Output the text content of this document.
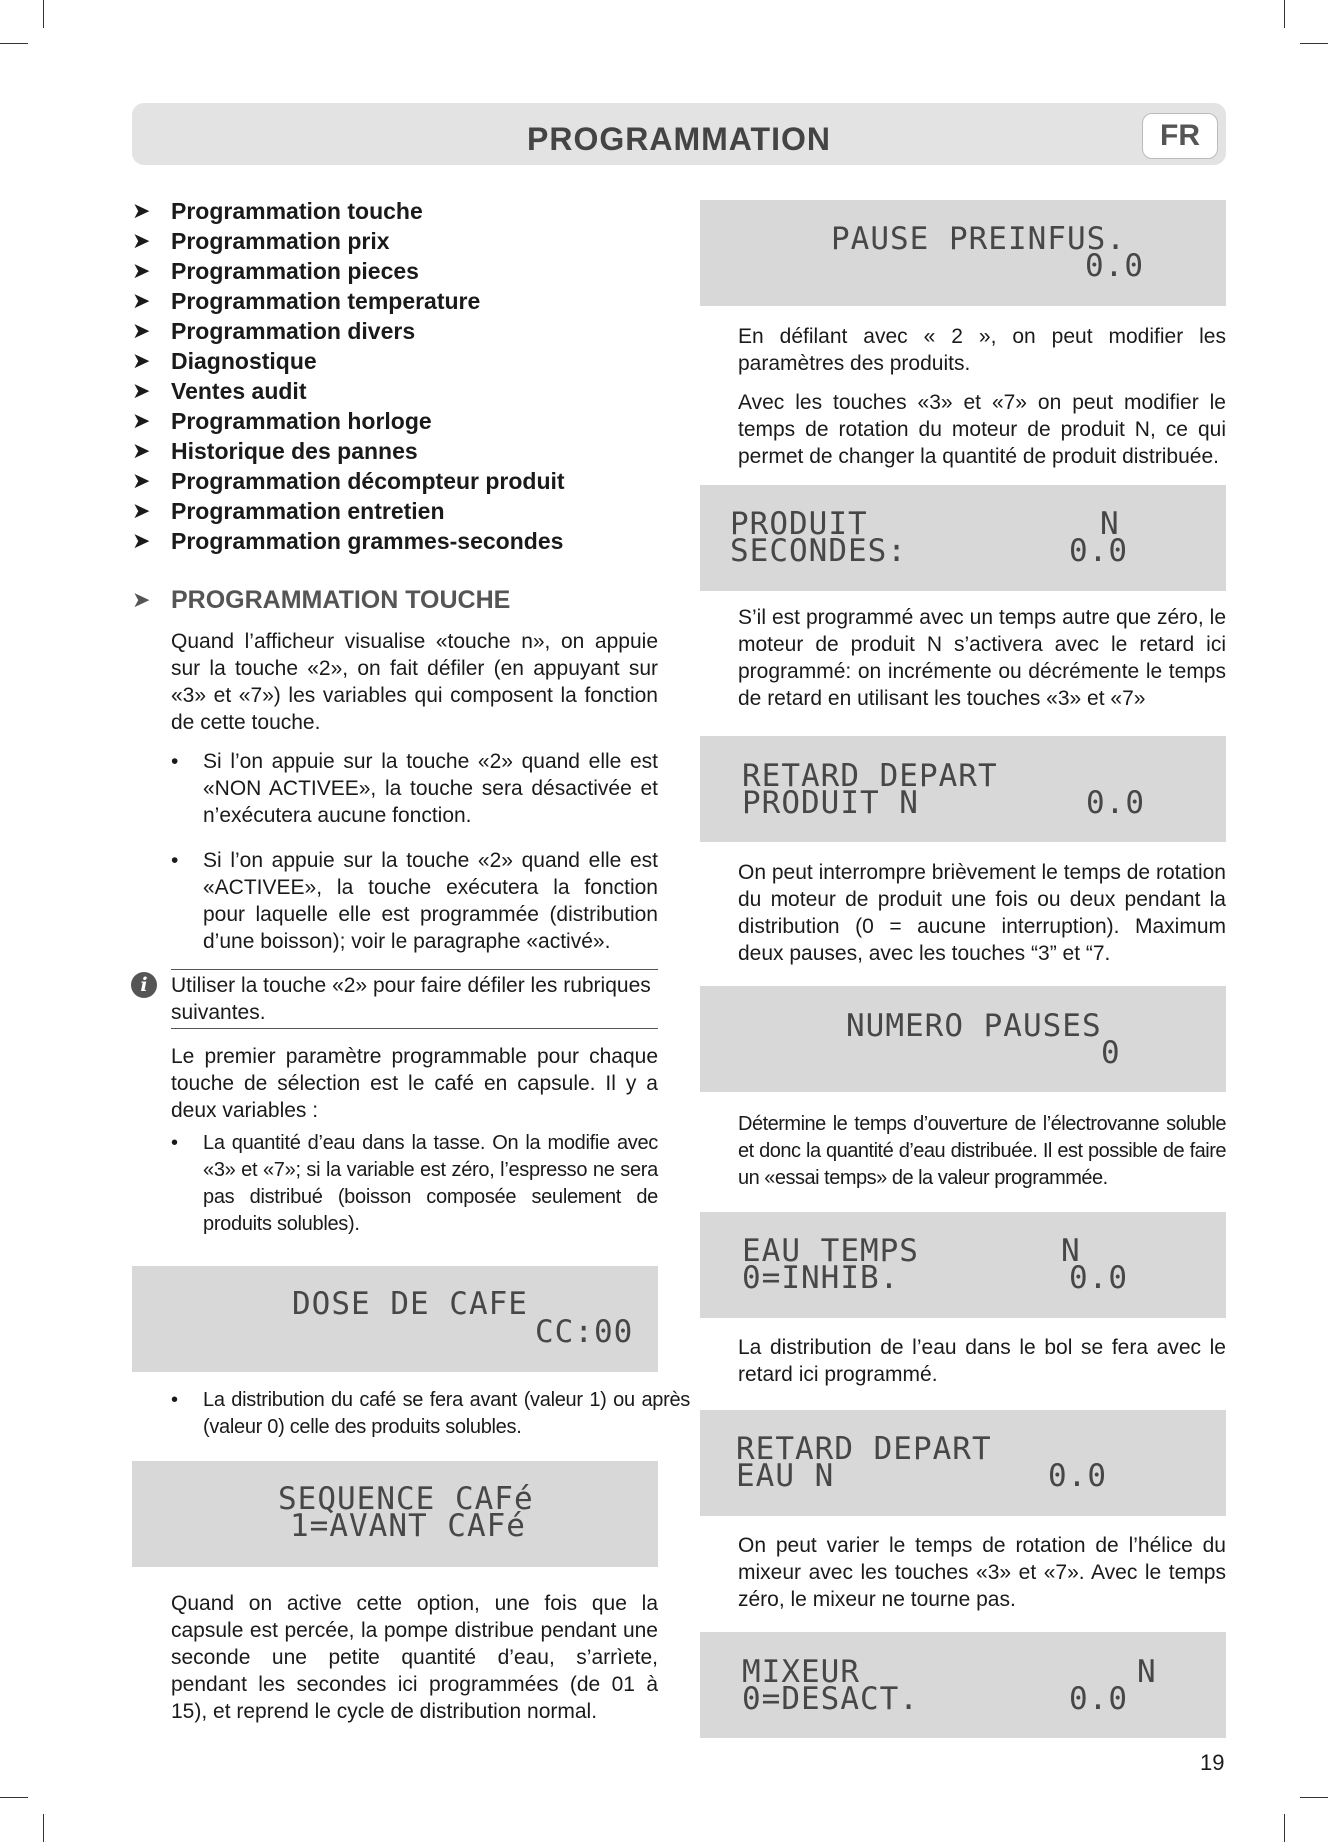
PROGRAMMATION	FR
➤ Programmation touche
➤ Programmation prix
➤ Programmation pieces
➤ Programmation temperature
➤ Programmation divers
➤ Diagnostique
➤ Ventes audit
➤ Programmation horloge
➤ Historique des pannes
➤ Programmation décompteur produit
➤ Programmation entretien
➤ Programmation grammes-secondes
➤ PROGRAMMATION TOUCHE

Quand l’afficheur visualise «touche n», on appuie sur la touche «2», on fait défiler (en appuyant sur «3» et «7») les variables qui composent la fonction de cette touche.

• Si l’on appuie sur la touche «2» quand elle est «NON ACTIVEE», la touche sera désactivée et n’exécutera aucune fonction.
• Si l’on appuie sur la touche «2» quand elle est «ACTIVEE», la touche exécutera la fonction pour laquelle elle est programmée (distribution d’une boisson); voir le paragraphe «activé».
i	Utiliser la touche «2» pour faire défiler les rubriques suivantes.

Le premier paramètre programmable pour chaque touche de sélection est le café en capsule. Il y a deux variables :

• La quantité d’eau dans la tasse. On la modifie avec «3» et «7»; si la variable est zéro, l’espresso ne sera pas distribué (boisson composée seulement de produits solubles).
DOSE DE CAFE
CC:00
• La distribution du café se fera avant (valeur 1) ou après (valeur 0) celle des produits solubles.
SEQUENCE CAFé
1=AVANT CAFé

Quand on active cette option, une fois que la capsule est percée, la pompe distribue pendant une seconde une petite quantité d’eau, s’arrìete, pendant les secondes ici programmées (de 01 à 15), et reprend le cycle de distribution normal.

PAUSE PREINFUS.
0.0

En défilant avec « 2 », on peut modifier les paramètres des produits.

Avec les touches «3» et «7» on peut modifier le temps de rotation du moteur de produit N, ce qui permet de changer la quantité de produit distribuée.

PRODUIT	N
SECONDES:	0.0

S’il est programmé avec un temps autre que zéro, le moteur de produit N s’activera avec le retard ici programmé: on incrémente ou décrémente le temps de retard en utilisant les touches «3» et «7»

RETARD DEPART
PRODUIT N	0.0

On peut interrompre brièvement le temps de rotation du moteur de produit une fois ou deux pendant la distribution (0 = aucune interruption). Maximum deux pauses, avec les touches “3” et “7.

NUMERO PAUSES
0

Détermine le temps d’ouverture de l’électrovanne soluble et donc la quantité d’eau distribuée. Il est possible de faire un «essai temps» de la valeur programmée.

EAU TEMPS	N
0=INHIB.	0.0

La distribution de l’eau dans le bol se fera avec le retard ici programmé.

RETARD DEPART
EAU N	0.0

On peut varier le temps de rotation de l’hélice du mixeur avec les touches «3» et «7». Avec le temps zéro, le mixeur ne tourne pas.

MIXEUR	N
0=DESACT.	0.0
19
